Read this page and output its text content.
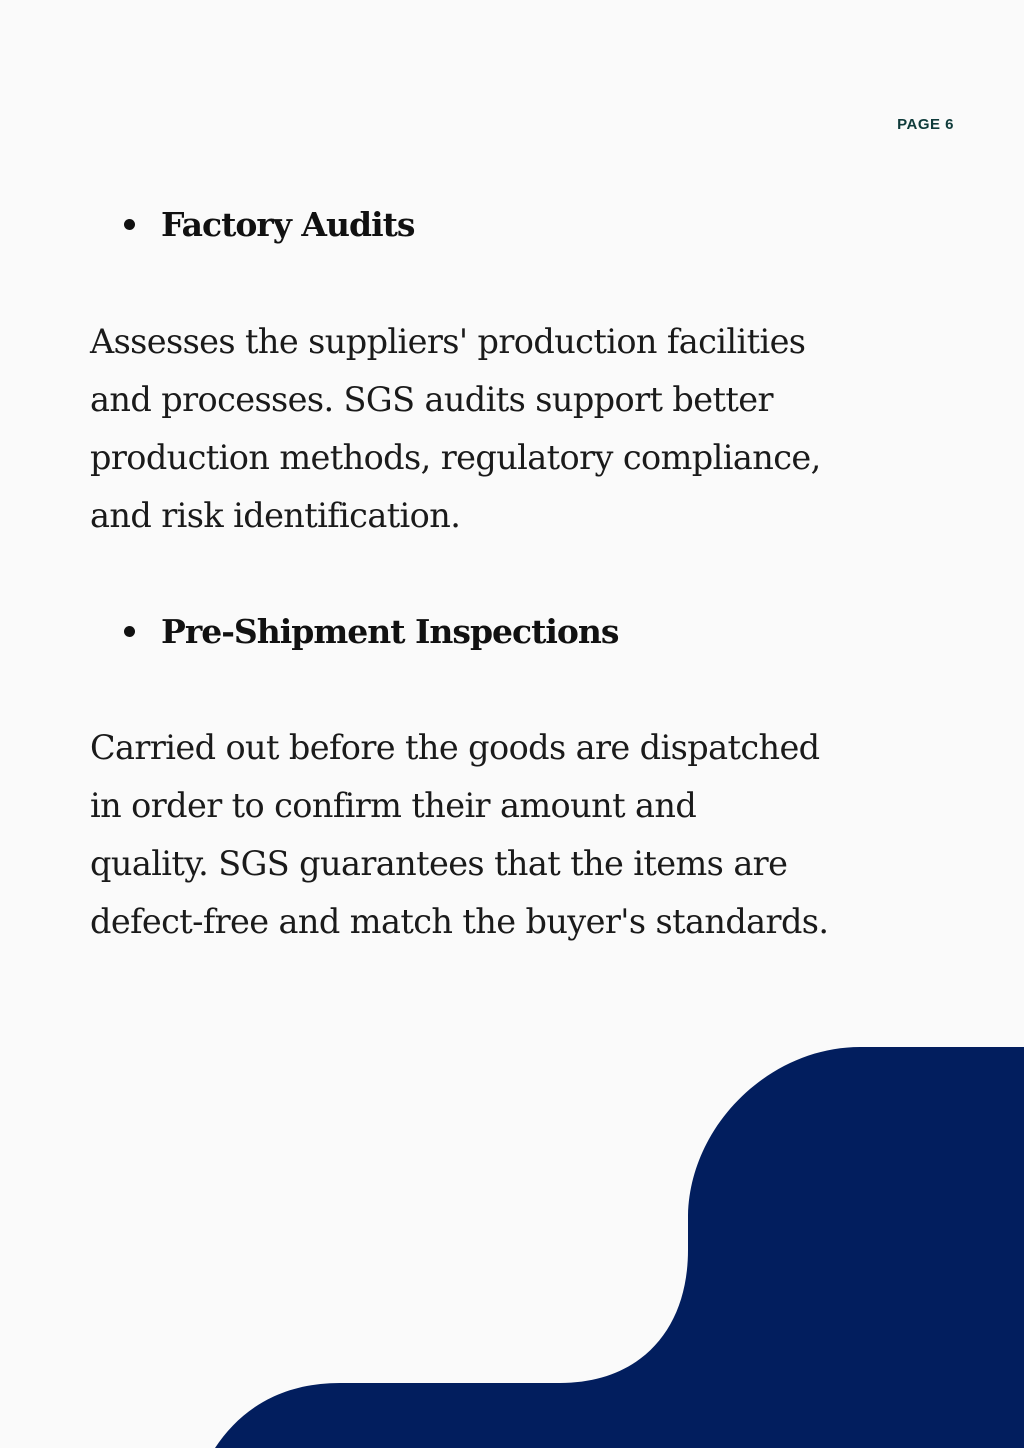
PAGE 6
Factory Audits

Assesses the suppliers' production facilities
and processes. SGS audits support better
production methods, regulatory compliance,
and risk identification.

Pre-Shipment Inspections

Carried out before the goods are dispatched
in order to confirm their amount and
quality. SGS guarantees that the items are
defect-free and match the buyer's standards.
